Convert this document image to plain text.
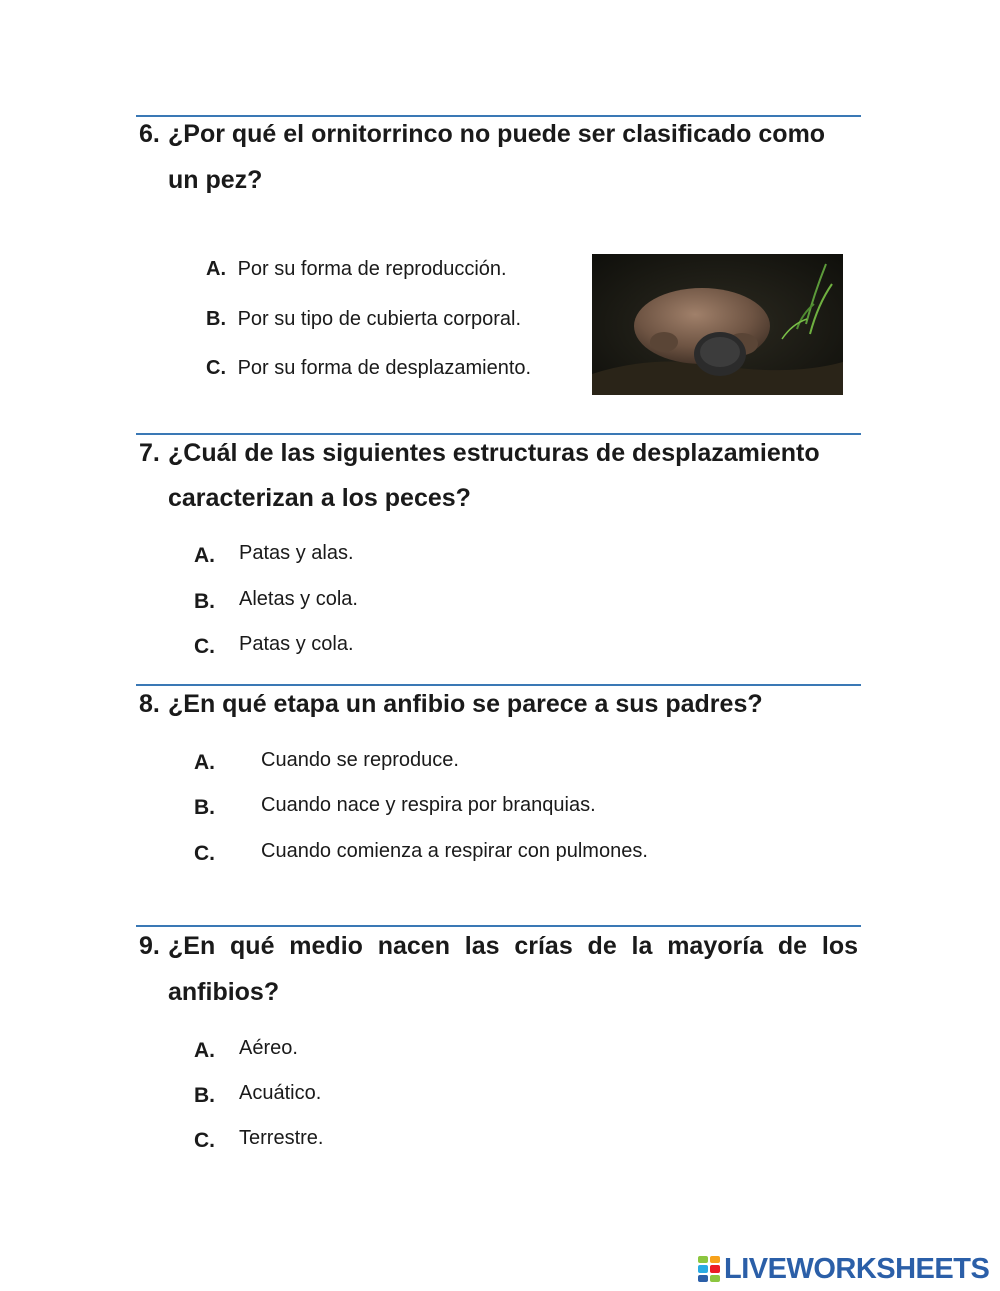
6. ¿Por qué el ornitorrinco no puede ser clasificado como
un pez?
A. Por su forma de reproducción.
B. Por su tipo de cubierta corporal.
C. Por su forma de desplazamiento.
7. ¿Cuál de las siguientes estructuras de desplazamiento
caracterizan a los peces?
A. Patas y alas.
B. Aletas y cola.
C. Patas y cola.
8. ¿En qué etapa un anfibio se parece a sus padres?
A. Cuando se reproduce.
B. Cuando nace y respira por branquias.
C. Cuando comienza a respirar con pulmones.
9. ¿En qué medio nacen las crías de la mayoría de los
anfibios?
A. Aéreo.
B. Acuático.
C. Terrestre.
LIVEWORKSHEETS
